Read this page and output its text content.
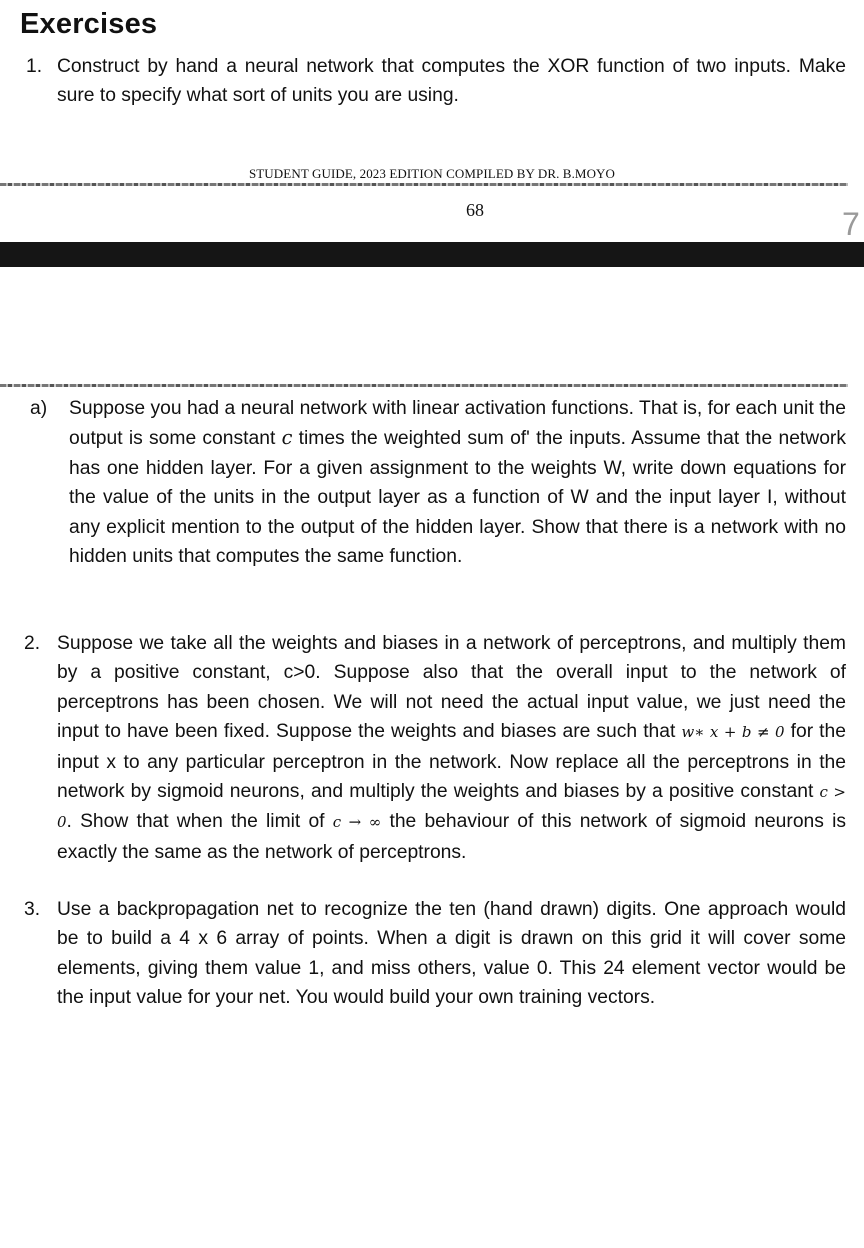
Exercises
1. Construct by hand a neural network that computes the XOR function of two inputs. Make sure to specify what sort of units you are using.
STUDENT GUIDE, 2023 EDITION COMPILED BY DR. B.MOYO
68	7
a) Suppose you had a neural network with linear activation functions. That is, for each unit the output is some constant c times the weighted sum of' the inputs. Assume that the network has one hidden layer. For a given assignment to the weights W, write down equations for the value of the units in the output layer as a function of W and the input layer I, without any explicit mention to the output of the hidden layer. Show that there is a network with no hidden units that computes the same function.
2. Suppose we take all the weights and biases in a network of perceptrons, and multiply them by a positive constant, c>0. Suppose also that the overall input to the network of perceptrons has been chosen. We will not need the actual input value, we just need the input to have been fixed. Suppose the weights and biases are such that w∗ x + b ≠ 0 for the input x to any particular perceptron in the network. Now replace all the perceptrons in the network by sigmoid neurons, and multiply the weights and biases by a positive constant c > 0. Show that when the limit of c → ∞ the behaviour of this network of sigmoid neurons is exactly the same as the network of perceptrons.
3. Use a backpropagation net to recognize the ten (hand drawn) digits. One approach would be to build a 4 x 6 array of points. When a digit is drawn on this grid it will cover some elements, giving them value 1, and miss others, value 0. This 24 element vector would be the input value for your net. You would build your own training vectors.
